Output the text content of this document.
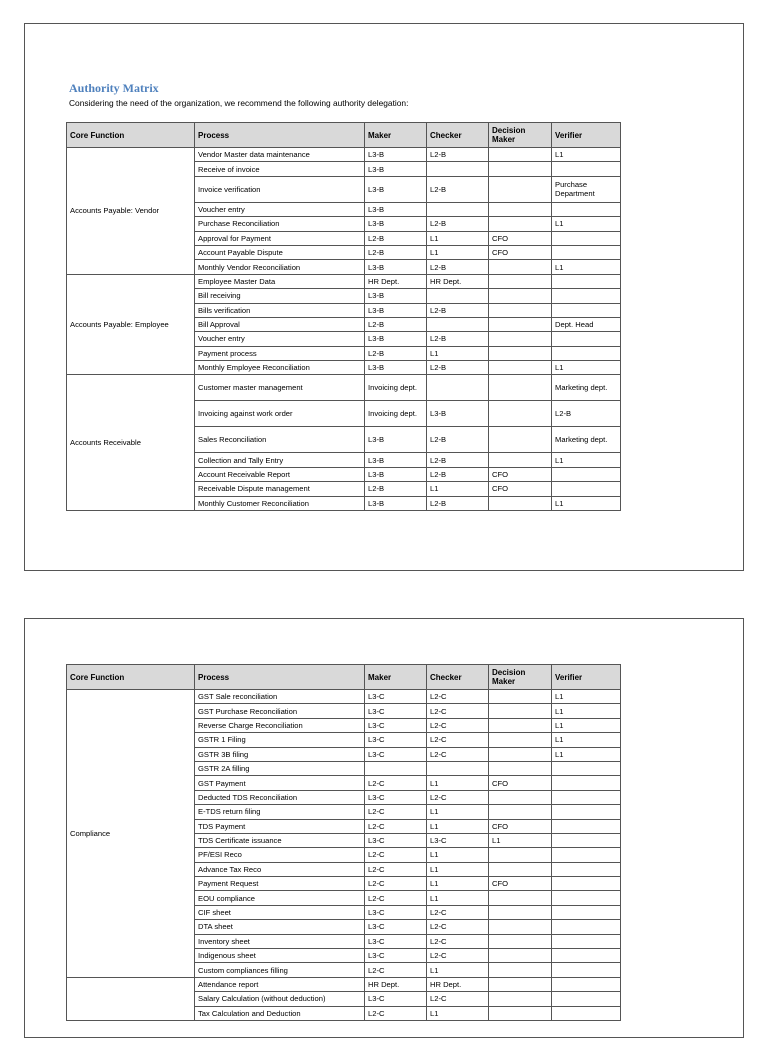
Authority Matrix
Considering the need of the organization, we recommend the following authority delegation:
Core Function	Process	Maker	Checker	Decision Maker	Verifier
Accounts Payable: Vendor	Vendor Master data maintenance	L3-B	L2-B		L1
	Receive of invoice	L3-B			
	Invoice verification	L3-B	L2-B		Purchase Department
	Voucher entry	L3-B			
	Purchase Reconciliation	L3-B	L2-B		L1
	Approval for Payment	L2-B	L1	CFO	
	Account Payable Dispute	L2-B	L1	CFO	
	Monthly Vendor Reconciliation	L3-B	L2-B		L1
Accounts Payable: Employee	Employee Master Data	HR Dept.	HR Dept.		
	Bill receiving	L3-B			
	Bills verification	L3-B	L2-B		
	Bill Approval	L2-B			Dept. Head
	Voucher entry	L3-B	L2-B		
	Payment process	L2-B	L1		
	Monthly Employee Reconciliation	L3-B	L2-B		L1
Accounts Receivable	Customer master management	Invoicing dept.			Marketing dept.
	Invoicing against work order	Invoicing dept.	L3-B		L2-B
	Sales Reconciliation	L3-B	L2-B		Marketing dept.
	Collection and Tally Entry	L3-B	L2-B		L1
	Account Receivable Report	L3-B	L2-B	CFO	
	Receivable Dispute management	L2-B	L1	CFO	
	Monthly Customer Reconciliation	L3-B	L2-B		L1
Core Function	Process	Maker	Checker	Decision Maker	Verifier
Compliance	GST Sale reconciliation	L3-C	L2-C		L1
	GST Purchase Reconciliation	L3-C	L2-C		L1
	Reverse Charge Reconciliation	L3-C	L2-C		L1
	GSTR 1 Filing	L3-C	L2-C		L1
	GSTR 3B filing	L3-C	L2-C		L1
	GSTR 2A filling				
	GST Payment	L2-C	L1	CFO	
	Deducted TDS Reconciliation	L3-C	L2-C		
	E-TDS return filing	L2-C	L1		
	TDS Payment	L2-C	L1	CFO	
	TDS Certificate issuance	L3-C	L3-C	L1	
	PF/ESI Reco	L2-C	L1		
	Advance Tax Reco	L2-C	L1		
	Payment Request	L2-C	L1	CFO	
	EOU compliance	L2-C	L1		
	CIF sheet	L3-C	L2-C		
	DTA sheet	L3-C	L2-C		
	Inventory sheet	L3-C	L2-C		
	Indigenous sheet	L3-C	L2-C		
	Custom compliances filling	L2-C	L1		
	Attendance report	HR Dept.	HR Dept.		
	Salary Calculation (without deduction)	L3-C	L2-C		
	Tax Calculation and Deduction	L2-C	L1		
